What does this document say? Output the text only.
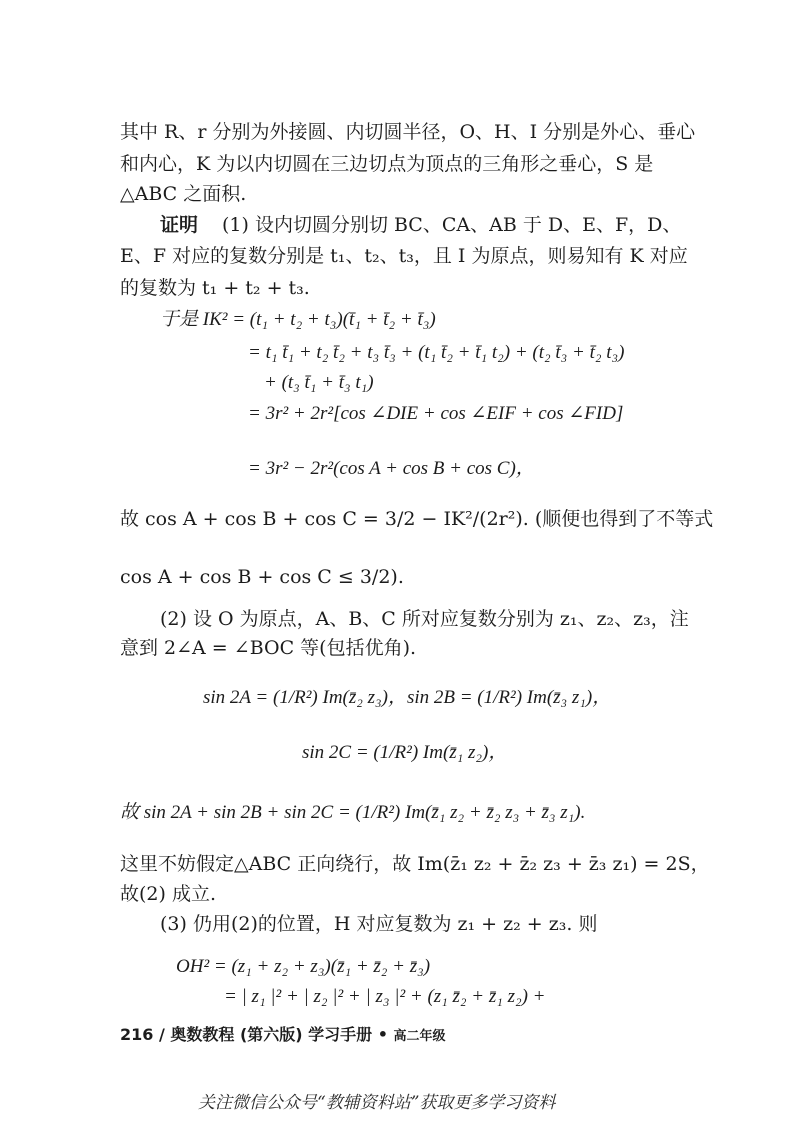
其中 R、r 分别为外接圆、内切圆半径，O、H、I 分别是外心、垂心
和内心，K 为以内切圆在三边切点为顶点的三角形之垂心，S 是
△ABC 之面积.
证明 (1) 设内切圆分别切 BC、CA、AB 于 D、E、F，D、
E、F 对应的复数分别是 t₁、t₂、t₃，且 I 为原点，则易知有 K 对应
的复数为 t₁ + t₂ + t₃.
于是 IK² = (t₁ + t₂ + t₃)(t̄₁ + t̄₂ + t̄₃)
= t₁ t̄₁ + t₂ t̄₂ + t₃ t̄₃ + (t₁ t̄₂ + t̄₁ t₂) + (t₂ t̄₃ + t̄₂ t₃)
+ (t₃ t̄₁ + t̄₃ t₁)
= 3r² + 2r²[cos ∠DIE + cos ∠EIF + cos ∠FID]
= 3r² − 2r²(cos A + cos B + cos C)，
故 cos A + cos B + cos C = 3/2 − IK²/(2r²). (顺便也得到了不等式
cos A + cos B + cos C ≤ 3/2).
(2) 设 O 为原点，A、B、C 所对应复数分别为 z₁、z₂、z₃，注
意到 2∠A = ∠BOC 等(包括优角).
sin 2A = (1/R²) Im(z̄₂ z₃)，sin 2B = (1/R²) Im(z̄₃ z₁)，
sin 2C = (1/R²) Im(z̄₁ z₂)，
故 sin 2A + sin 2B + sin 2C = (1/R²) Im(z̄₁ z₂ + z̄₂ z₃ + z̄₃ z₁).
这里不妨假定△ABC 正向绕行，故 Im(z̄₁ z₂ + z̄₂ z₃ + z̄₃ z₁) = 2S，
故(2) 成立.
(3) 仍用(2)的位置，H 对应复数为 z₁ + z₂ + z₃. 则
OH² = (z₁ + z₂ + z₃)(z̄₁ + z̄₂ + z̄₃)
= | z₁ |² + | z₂ |² + | z₃ |² + (z₁ z̄₂ + z̄₁ z₂) +
216 / 奥数教程 (第六版) 学习手册 • 高二年级
关注微信公众号“教辅资料站”获取更多学习资料
